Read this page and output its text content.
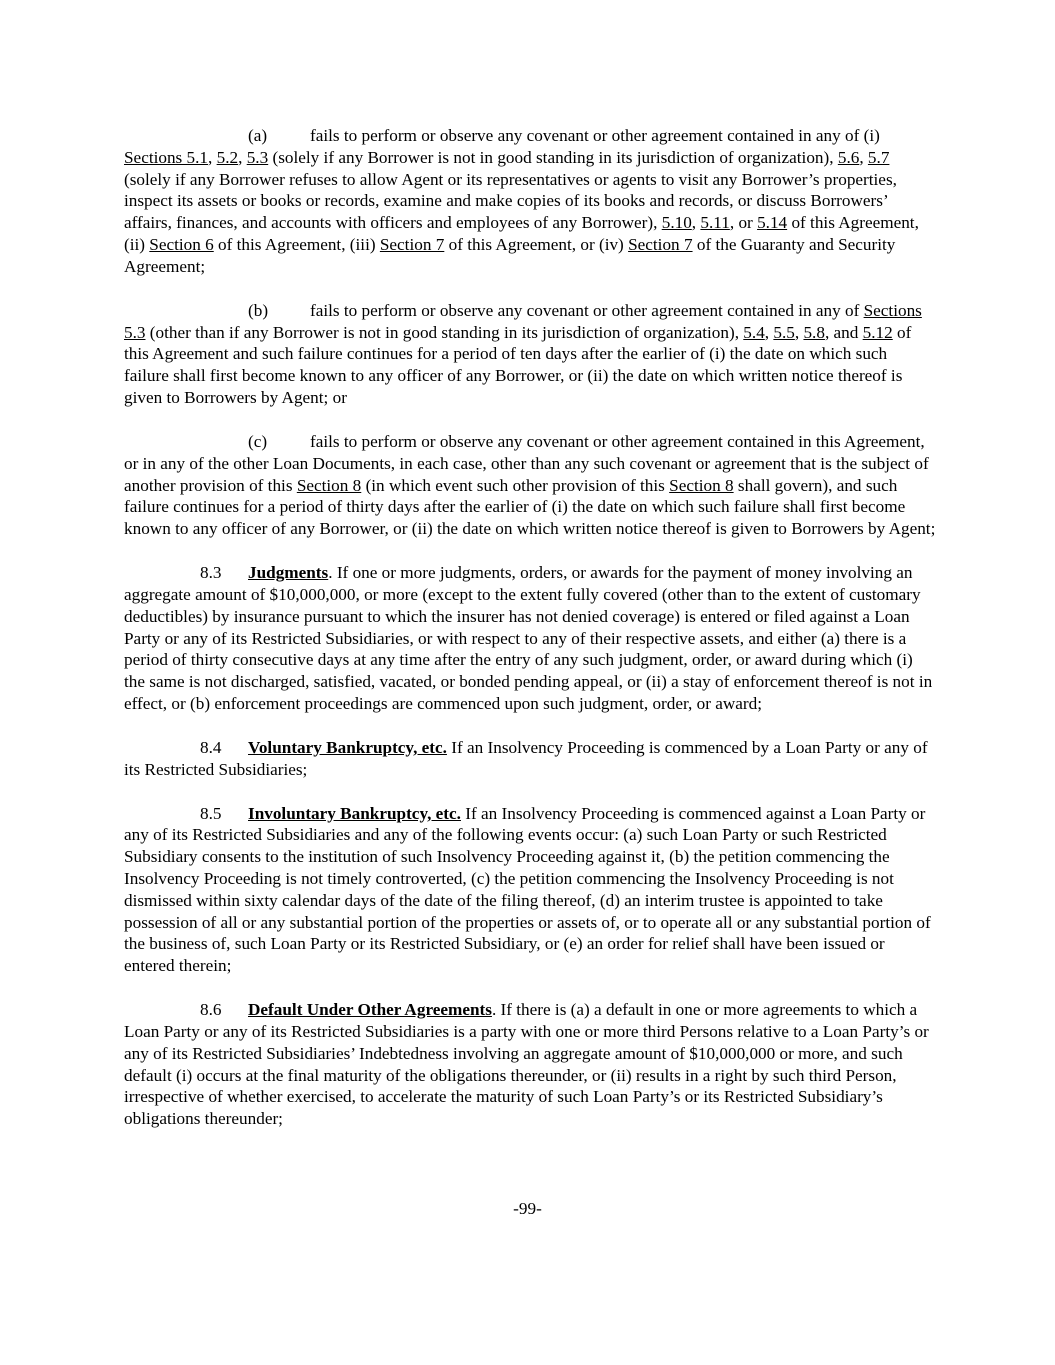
(a) fails to perform or observe any covenant or other agreement contained in any of (i) Sections 5.1, 5.2, 5.3 (solely if any Borrower is not in good standing in its jurisdiction of organization), 5.6, 5.7 (solely if any Borrower refuses to allow Agent or its representatives or agents to visit any Borrower’s properties, inspect its assets or books or records, examine and make copies of its books and records, or discuss Borrowers’ affairs, finances, and accounts with officers and employees of any Borrower), 5.10, 5.11, or 5.14 of this Agreement, (ii) Section 6 of this Agreement, (iii) Section 7 of this Agreement, or (iv) Section 7 of the Guaranty and Security Agreement;

(b) fails to perform or observe any covenant or other agreement contained in any of Sections 5.3 (other than if any Borrower is not in good standing in its jurisdiction of organization), 5.4, 5.5, 5.8, and 5.12 of this Agreement and such failure continues for a period of ten days after the earlier of (i) the date on which such failure shall first become known to any officer of any Borrower, or (ii) the date on which written notice thereof is given to Borrowers by Agent; or

(c) fails to perform or observe any covenant or other agreement contained in this Agreement, or in any of the other Loan Documents, in each case, other than any such covenant or agreement that is the subject of another provision of this Section 8 (in which event such other provision of this Section 8 shall govern), and such failure continues for a period of thirty days after the earlier of (i) the date on which such failure shall first become known to any officer of any Borrower, or (ii) the date on which written notice thereof is given to Borrowers by Agent;

8.3 Judgments. If one or more judgments, orders, or awards for the payment of money involving an aggregate amount of $10,000,000, or more (except to the extent fully covered (other than to the extent of customary deductibles) by insurance pursuant to which the insurer has not denied coverage) is entered or filed against a Loan Party or any of its Restricted Subsidiaries, or with respect to any of their respective assets, and either (a) there is a period of thirty consecutive days at any time after the entry of any such judgment, order, or award during which (i) the same is not discharged, satisfied, vacated, or bonded pending appeal, or (ii) a stay of enforcement thereof is not in effect, or (b) enforcement proceedings are commenced upon such judgment, order, or award;

8.4 Voluntary Bankruptcy, etc. If an Insolvency Proceeding is commenced by a Loan Party or any of its Restricted Subsidiaries;

8.5 Involuntary Bankruptcy, etc. If an Insolvency Proceeding is commenced against a Loan Party or any of its Restricted Subsidiaries and any of the following events occur: (a) such Loan Party or such Restricted Subsidiary consents to the institution of such Insolvency Proceeding against it, (b) the petition commencing the Insolvency Proceeding is not timely controverted, (c) the petition commencing the Insolvency Proceeding is not dismissed within sixty calendar days of the date of the filing thereof, (d) an interim trustee is appointed to take possession of all or any substantial portion of the properties or assets of, or to operate all or any substantial portion of the business of, such Loan Party or its Restricted Subsidiary, or (e) an order for relief shall have been issued or entered therein;

8.6 Default Under Other Agreements. If there is (a) a default in one or more agreements to which a Loan Party or any of its Restricted Subsidiaries is a party with one or more third Persons relative to a Loan Party’s or any of its Restricted Subsidiaries’ Indebtedness involving an aggregate amount of $10,000,000 or more, and such default (i) occurs at the final maturity of the obligations thereunder, or (ii) results in a right by such third Person, irrespective of whether exercised, to accelerate the maturity of such Loan Party’s or its Restricted Subsidiary’s obligations thereunder;

-99-
